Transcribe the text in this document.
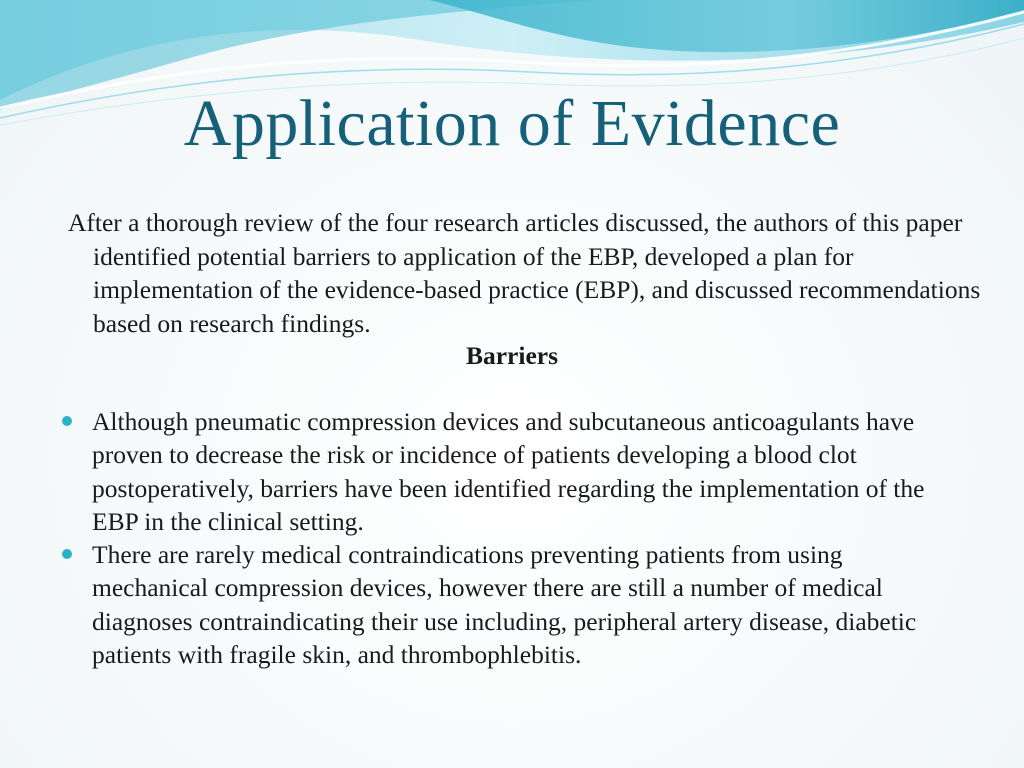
Application of Evidence

After a thorough review of the four research articles discussed, the authors of this paper identified potential barriers to application of the EBP, developed a plan for implementation of the evidence-based practice (EBP), and discussed recommendations based on research findings.

Barriers
Although pneumatic compression devices and subcutaneous anticoagulants have proven to decrease the risk or incidence of patients developing a blood clot postoperatively, barriers have been identified regarding the implementation of the EBP in the clinical setting.
There are rarely medical contraindications preventing patients from using mechanical compression devices, however there are still a number of medical diagnoses contraindicating their use including, peripheral artery disease, diabetic patients with fragile skin, and thrombophlebitis.
